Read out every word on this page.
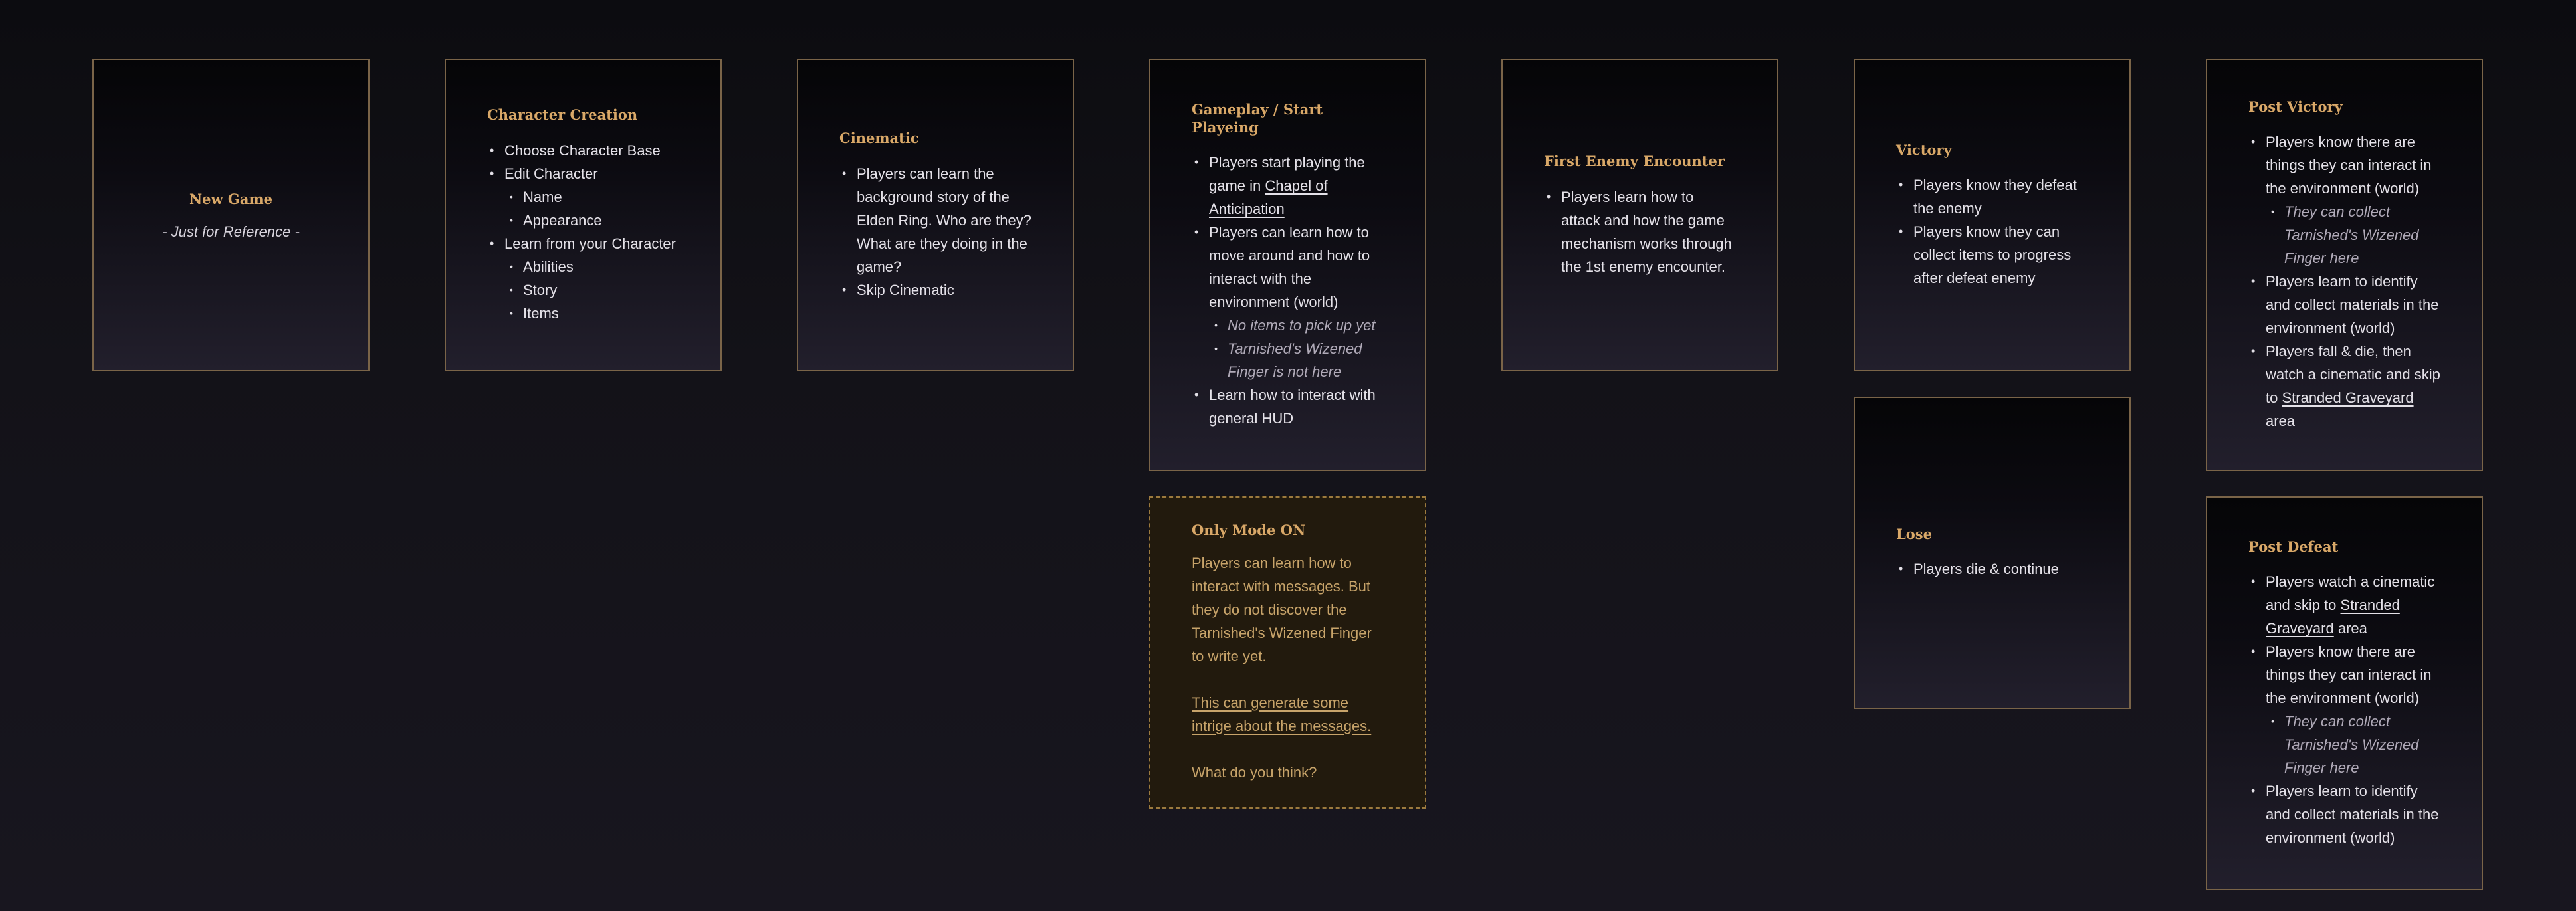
New Game
- Just for Reference -
Character Creation
• Choose Character Base
• Edit Character
• Name
• Appearance
• Learn from your Character
• Abilities
• Story
• Items
Cinematic
• Players can learn the background story of the Elden Ring. Who are they? What are they doing in the game?
• Skip Cinematic
Gameplay / Start Playeing
• Players start playing the game in Chapel of Anticipation
• Players can learn how to move around and how to interact with the environment (world)
• No items to pick up yet
• Tarnished's Wizened Finger is not here
• Learn how to interact with general HUD
Only Mode ON

Players can learn how to interact with messages. But they do not discover the Tarnished's Wizened Finger to write yet.

This can generate some intrige about the messages.

What do you think?

First Enemy Encounter
• Players learn how to attack and how the game mechanism works through the 1st enemy encounter.
Victory
• Players know they defeat the enemy
• Players know they can collect items to progress after defeat enemy
Lose
• Players die & continue
Post Victory
• Players know there are things they can interact in the environment (world)
• They can collect Tarnished's Wizened Finger here
• Players learn to identify and collect materials in the environment (world)
• Players fall & die, then watch a cinematic and skip to Stranded Graveyard area
Post Defeat
• Players watch a cinematic and skip to Stranded Graveyard area
• Players know there are things they can interact in the environment (world)
• They can collect Tarnished's Wizened Finger here
• Players learn to identify and collect materials in the environment (world)
